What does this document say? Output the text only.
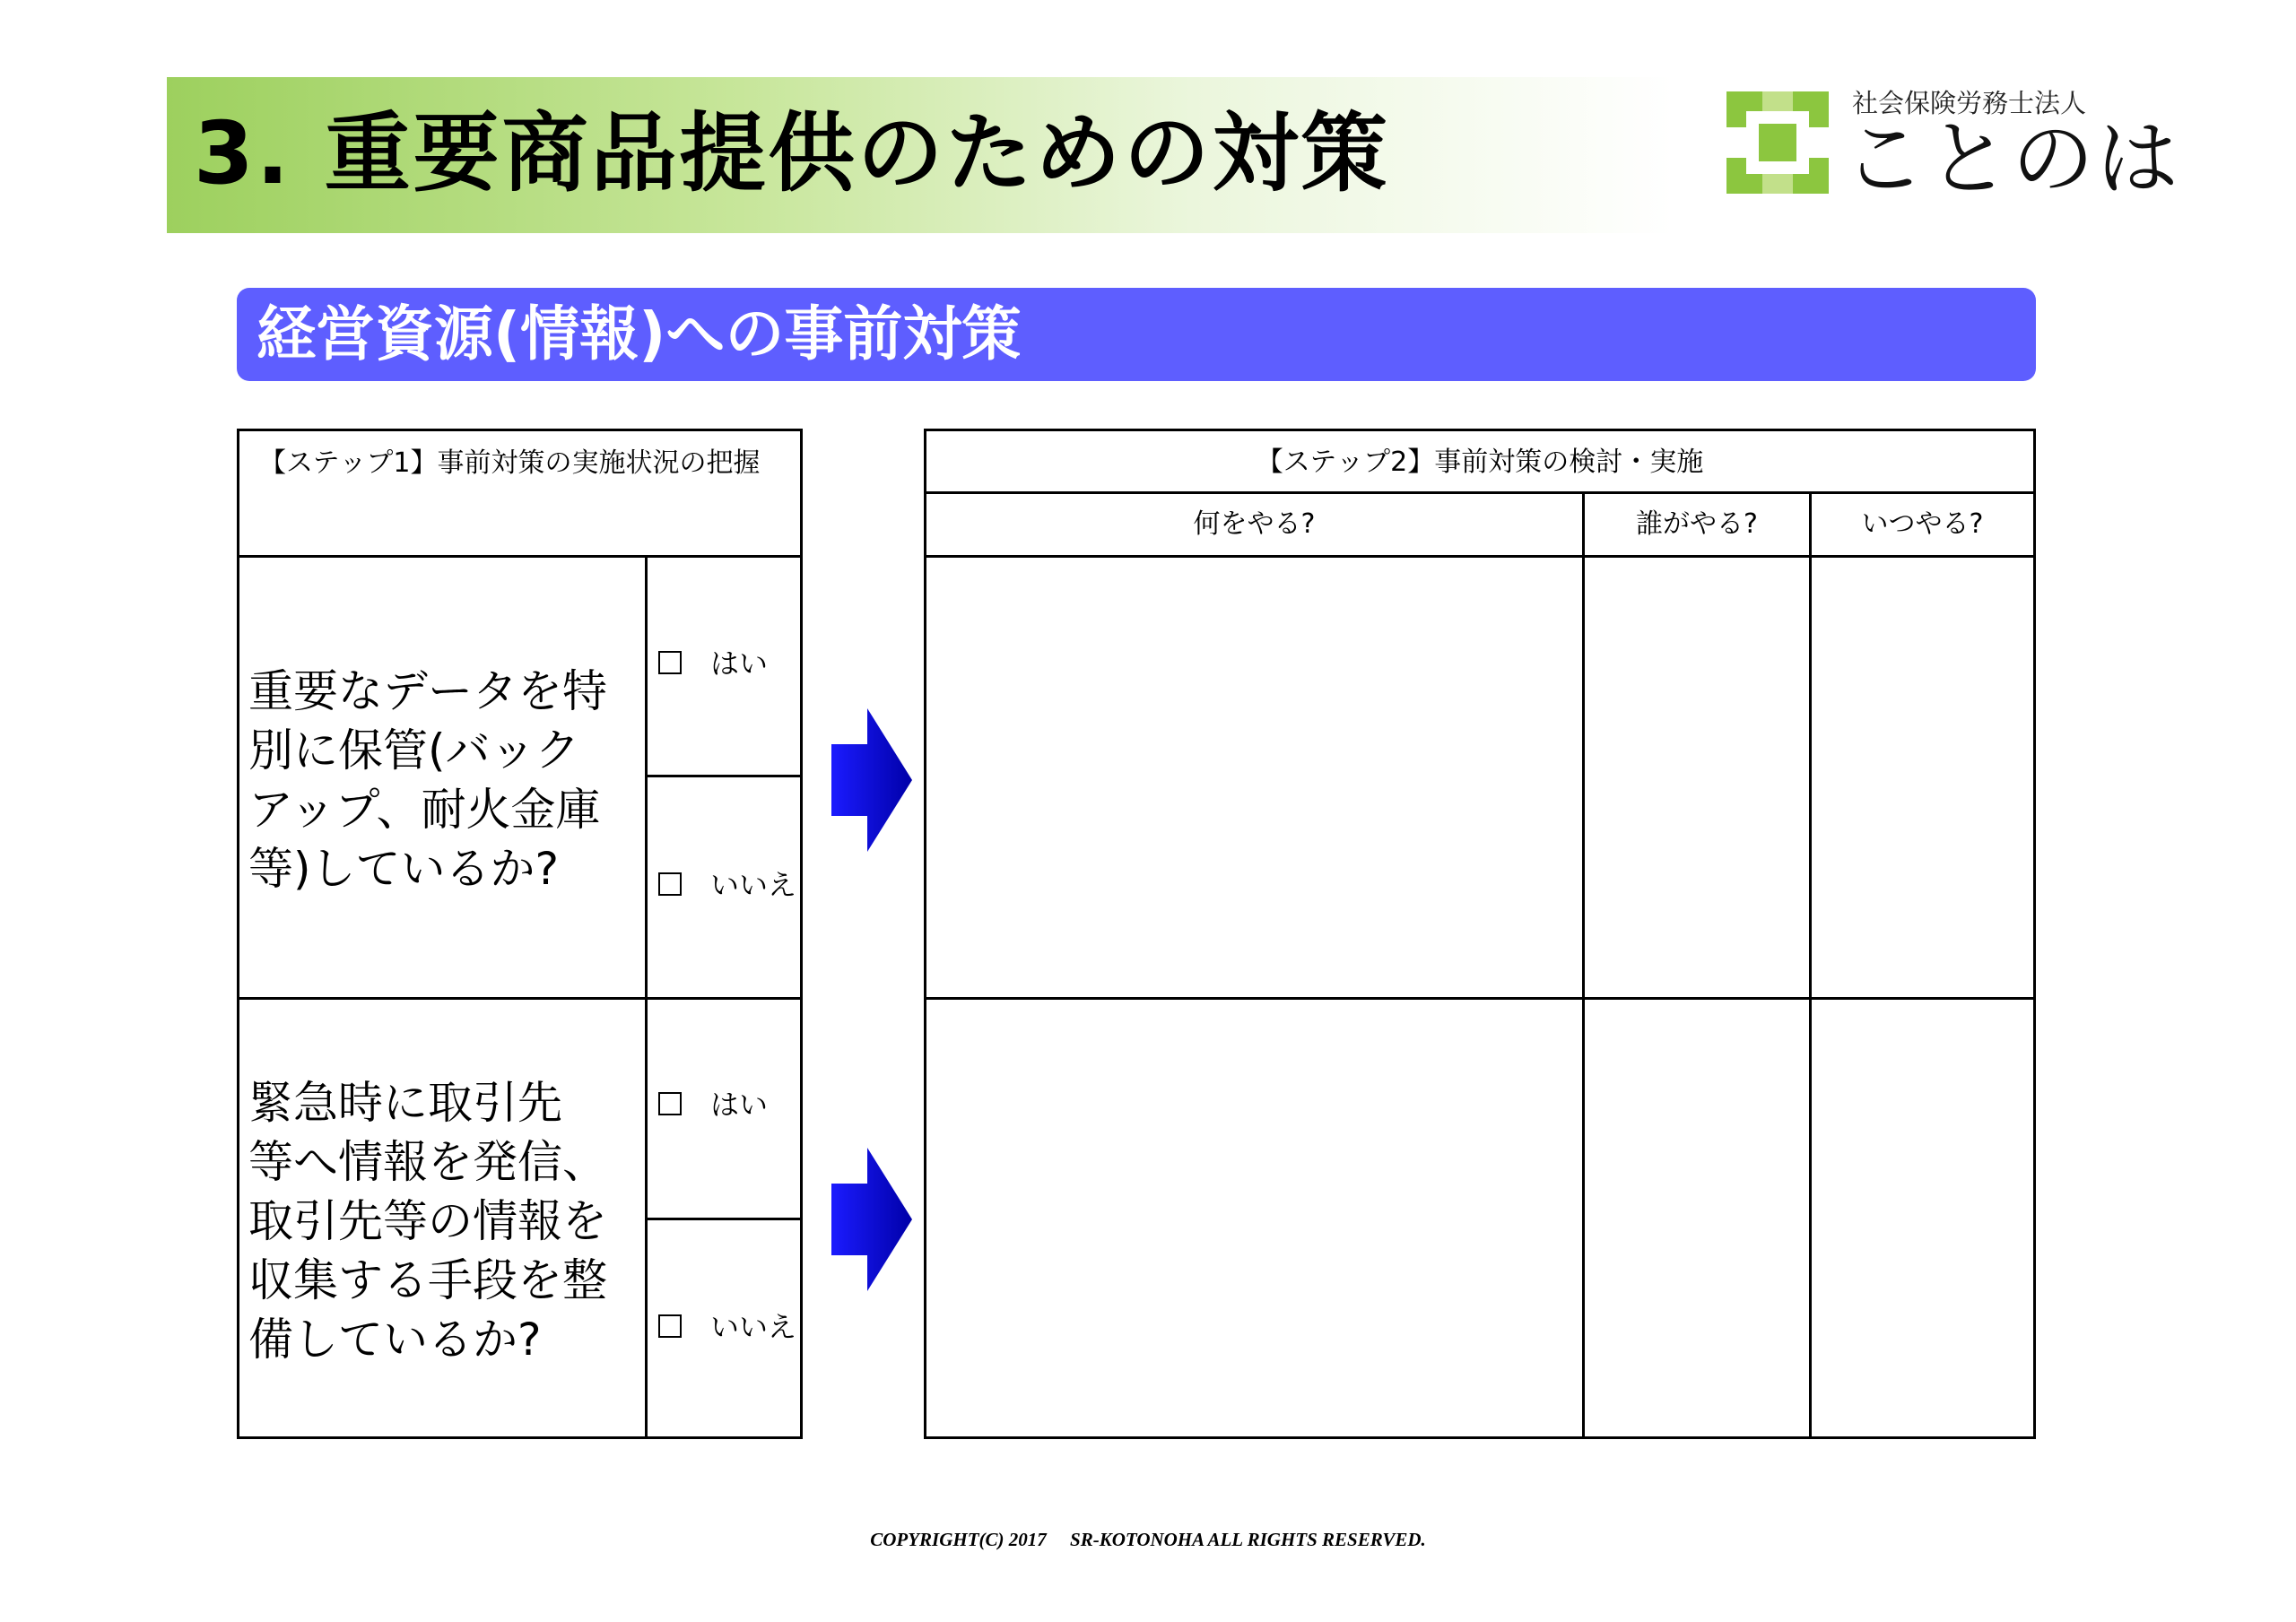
3. 重要商品提供のための対策	社会保険労務士法人
ことのは
経営資源(情報)への事前対策
【ステップ1】事前対策の実施状況の把握
重要なデータを特
別に保管(バック
アップ、耐火金庫
等)しているか?
はい
いいえ
緊急時に取引先
等へ情報を発信、
取引先等の情報を
収集する手段を整
備しているか?
はい
いいえ
【ステップ2】事前対策の検討・実施
何をやる?	誰がやる?	いつやる?
COPYRIGHT(C) 2017     SR-KOTONOHA ALL RIGHTS RESERVED.
